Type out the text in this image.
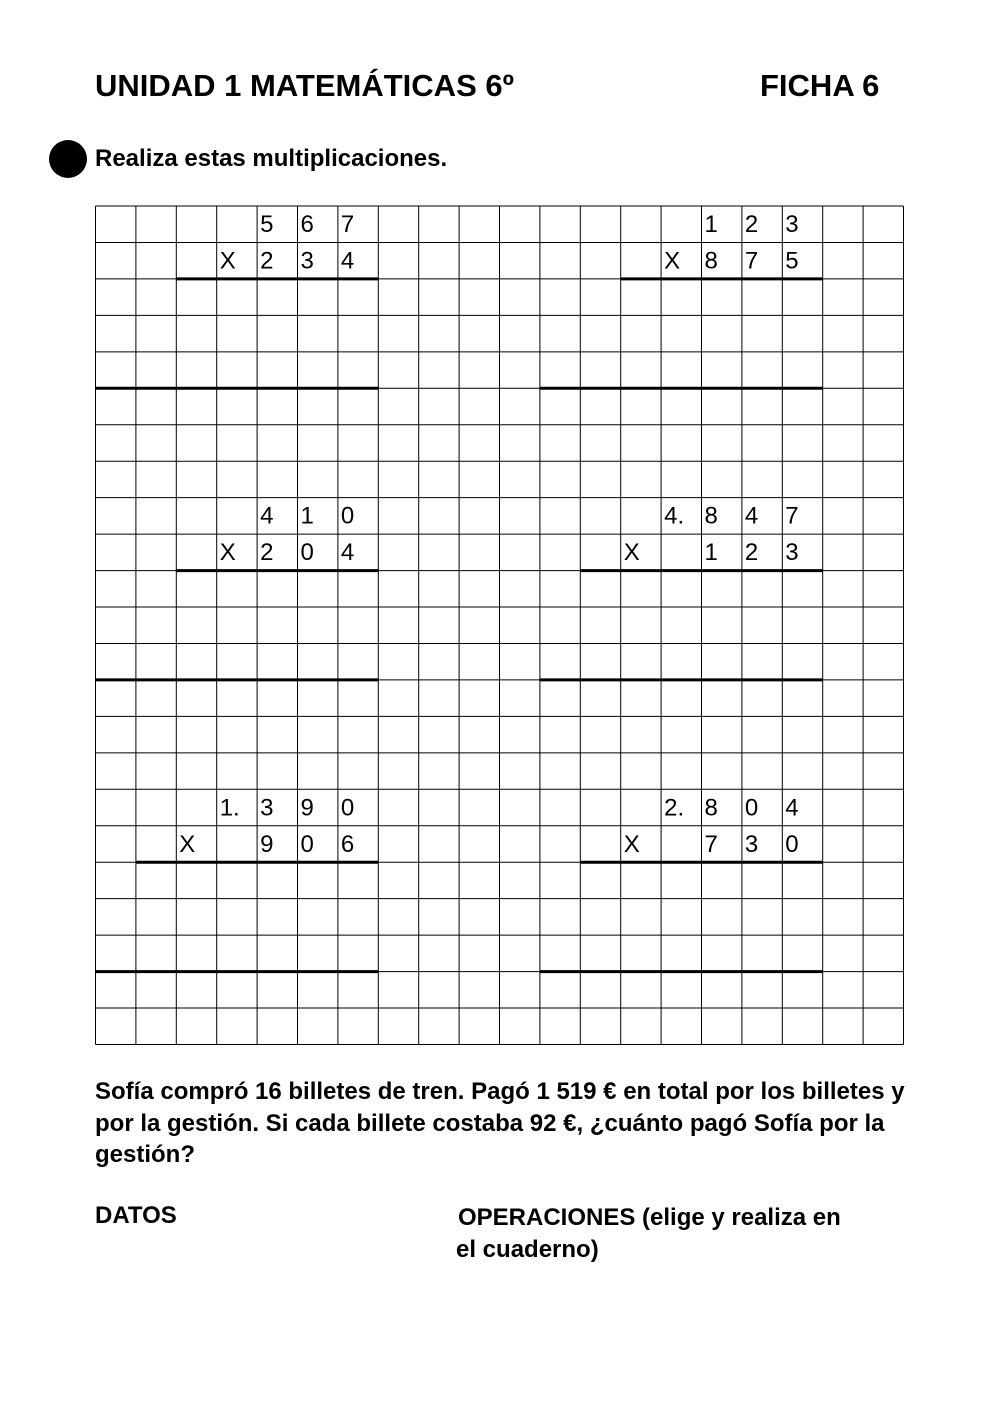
UNIDAD 1 MATEMÁTICAS 6º	FICHA 6
Realiza estas multiplicaciones.
5 6 7
X 2 3 4
1 2 3
X 8 7 5
4 1 0
X 2 0 4
4. 8 4 7
X	1 2 3
1. 3 9 0
X	9 0 6
2. 8 0 4
X	7 3 0
Sofía compró 16 billetes de tren. Pagó 1 519 € en total por los billetes y por la gestión. Si cada billete costaba 92 €, ¿cuánto pagó Sofía por la gestión?
DATOS	OPERACIONES (elige y realiza en
el cuaderno)
